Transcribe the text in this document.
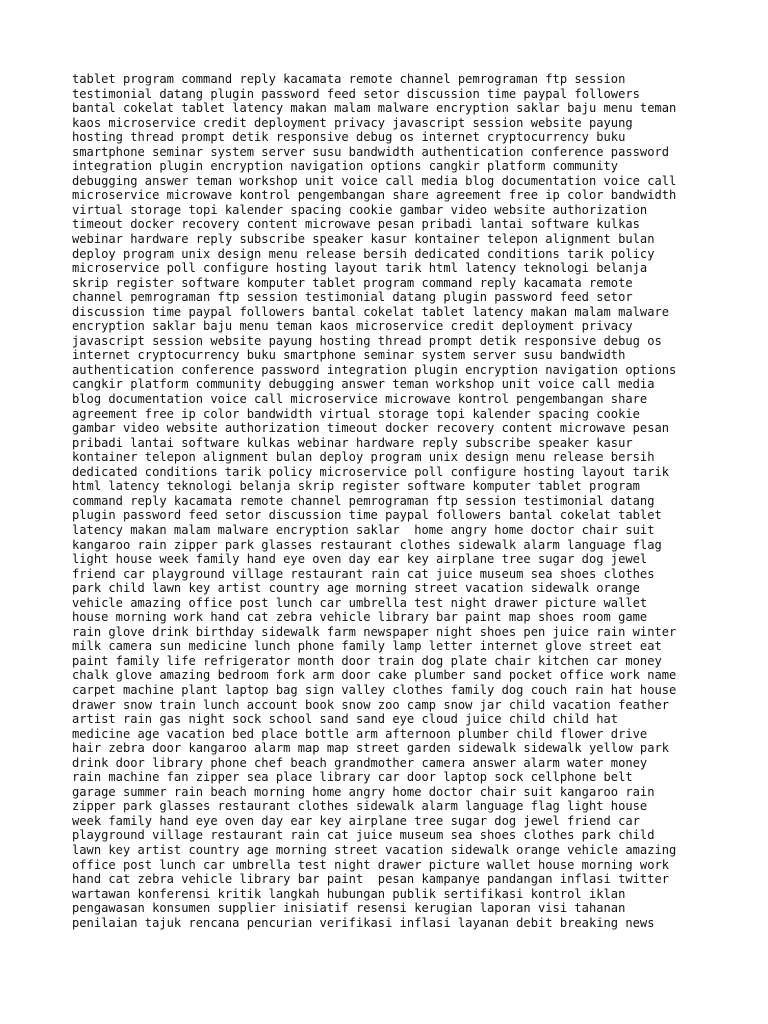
tablet program command reply kacamata remote channel pemrograman ftp session
testimonial datang plugin password feed setor discussion time paypal followers
bantal cokelat tablet latency makan malam malware encryption saklar baju menu teman
kaos microservice credit deployment privacy javascript session website payung
hosting thread prompt detik responsive debug os internet cryptocurrency buku
smartphone seminar system server susu bandwidth authentication conference password
integration plugin encryption navigation options cangkir platform community
debugging answer teman workshop unit voice call media blog documentation voice call
microservice microwave kontrol pengembangan share agreement free ip color bandwidth
virtual storage topi kalender spacing cookie gambar video website authorization
timeout docker recovery content microwave pesan pribadi lantai software kulkas
webinar hardware reply subscribe speaker kasur kontainer telepon alignment bulan
deploy program unix design menu release bersih dedicated conditions tarik policy
microservice poll configure hosting layout tarik html latency teknologi belanja
skrip register software komputer tablet program command reply kacamata remote
channel pemrograman ftp session testimonial datang plugin password feed setor
discussion time paypal followers bantal cokelat tablet latency makan malam malware
encryption saklar baju menu teman kaos microservice credit deployment privacy
javascript session website payung hosting thread prompt detik responsive debug os
internet cryptocurrency buku smartphone seminar system server susu bandwidth
authentication conference password integration plugin encryption navigation options
cangkir platform community debugging answer teman workshop unit voice call media
blog documentation voice call microservice microwave kontrol pengembangan share
agreement free ip color bandwidth virtual storage topi kalender spacing cookie
gambar video website authorization timeout docker recovery content microwave pesan
pribadi lantai software kulkas webinar hardware reply subscribe speaker kasur
kontainer telepon alignment bulan deploy program unix design menu release bersih
dedicated conditions tarik policy microservice poll configure hosting layout tarik
html latency teknologi belanja skrip register software komputer tablet program
command reply kacamata remote channel pemrograman ftp session testimonial datang
plugin password feed setor discussion time paypal followers bantal cokelat tablet
latency makan malam malware encryption saklar  home angry home doctor chair suit
kangaroo rain zipper park glasses restaurant clothes sidewalk alarm language flag
light house week family hand eye oven day ear key airplane tree sugar dog jewel
friend car playground village restaurant rain cat juice museum sea shoes clothes
park child lawn key artist country age morning street vacation sidewalk orange
vehicle amazing office post lunch car umbrella test night drawer picture wallet
house morning work hand cat zebra vehicle library bar paint map shoes room game
rain glove drink birthday sidewalk farm newspaper night shoes pen juice rain winter
milk camera sun medicine lunch phone family lamp letter internet glove street eat
paint family life refrigerator month door train dog plate chair kitchen car money
chalk glove amazing bedroom fork arm door cake plumber sand pocket office work name
carpet machine plant laptop bag sign valley clothes family dog couch rain hat house
drawer snow train lunch account book snow zoo camp snow jar child vacation feather
artist rain gas night sock school sand sand eye cloud juice child child hat
medicine age vacation bed place bottle arm afternoon plumber child flower drive
hair zebra door kangaroo alarm map map street garden sidewalk sidewalk yellow park
drink door library phone chef beach grandmother camera answer alarm water money
rain machine fan zipper sea place library car door laptop sock cellphone belt
garage summer rain beach morning home angry home doctor chair suit kangaroo rain
zipper park glasses restaurant clothes sidewalk alarm language flag light house
week family hand eye oven day ear key airplane tree sugar dog jewel friend car
playground village restaurant rain cat juice museum sea shoes clothes park child
lawn key artist country age morning street vacation sidewalk orange vehicle amazing
office post lunch car umbrella test night drawer picture wallet house morning work
hand cat zebra vehicle library bar paint  pesan kampanye pandangan inflasi twitter
wartawan konferensi kritik langkah hubungan publik sertifikasi kontrol iklan
pengawasan konsumen supplier inisiatif resensi kerugian laporan visi tahanan
penilaian tajuk rencana pencurian verifikasi inflasi layanan debit breaking news
